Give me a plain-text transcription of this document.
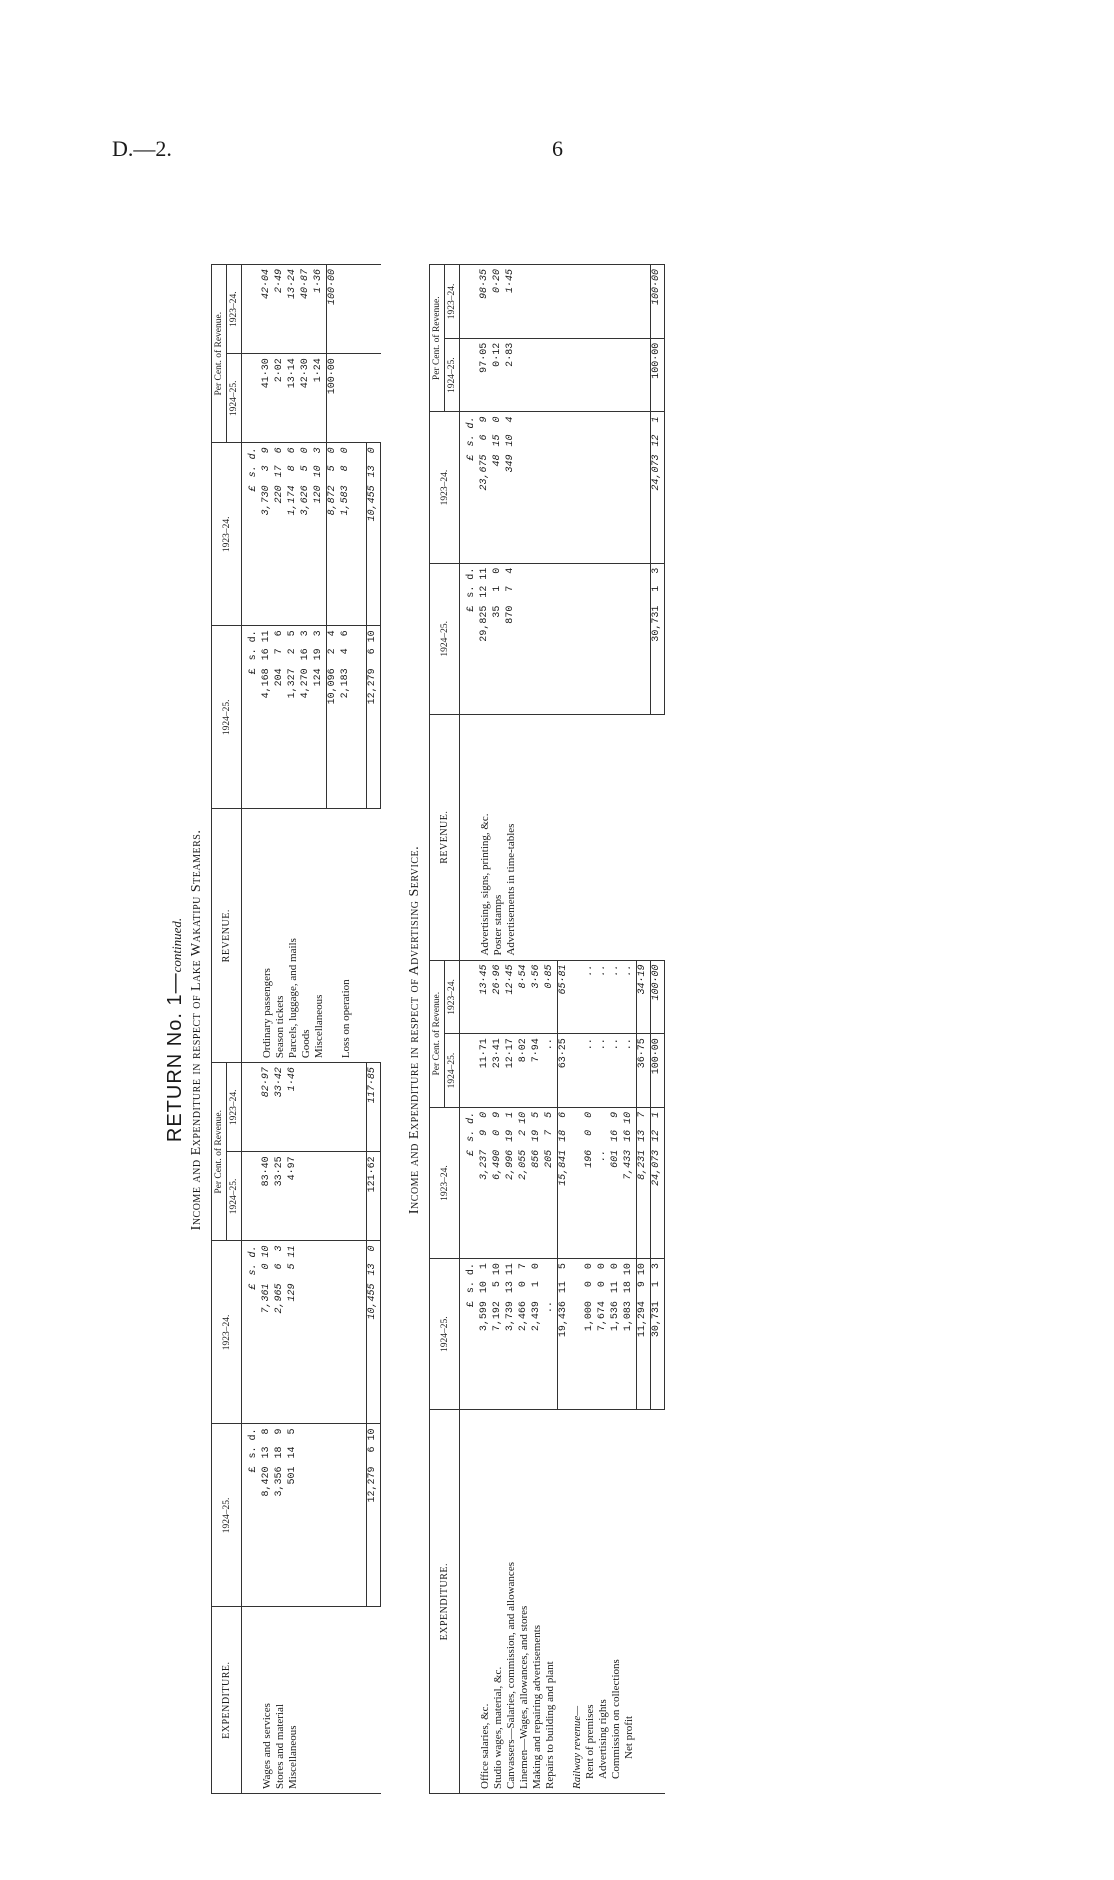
D.—2.	6
RETURN No. 1—continued. Income and Expenditure in respect of Lake Wakatipu Steamers.
EXPENDITURE.	1924–25.	1923–24.	Per Cent. of Revenue.		REVENUE.	1924–25.	1923–24.	Per Cent. of Revenue.	
			1924–25.	1923–24.				1924–25.	1923–24.
	£s.d.	£s.d.				£s.d.	£s.d.		
Wages and services	8,420138	7,361010	83·40	82·97	Ordinary passengers	4,1681611	3,73039	41·30	42·04
Stores and material	3,356189	2,96563	33·25	33·42	Season tickets	20476	220176	2·02	2·49
Miscellaneous	501145	129511	4·97	1·46	Parcels, luggage, and mails	1,32725	1,17486	13·14	13·24
					Goods	4,270163	3,62650	42·30	40·87
					Miscellaneous	124193	120103	1·24	1·36
						10,09624	8,87250	100·00	100·00
					Loss on operation	2,18346	1,58380		

	12,279610	10,455130	121·62	117·85		12,279610	10,455130		
Income and Expenditure in respect of Advertising Service.
EXPENDITURE.	1924–25.	1923–24.	Per Cent. of Revenue.		REVENUE.	1924–25.	1923–24.	Per Cent. of Revenue.	
			1924–25.	1923–24.				1924–25.	1923–24.
	£s.d.	£s.d.				£s.d.	£s.d.		
Office salaries, &c.	3,599101	3,23790	11·71	13·45	Advertising, signs, printing, &c.	29,8251211	23,67569	97·05	98·35
Studio wages, material, &c.	7,192510	6,49009	23·41	26·96	Poster stamps	3510	48150	0·12	0·20
Canvassers—Salaries, commission, and allowances	3,7391311	2,996191	12·17	12·45	Advertisements in time-tables	87074	349104	2·83	1·45
Linemen—Wages, allowances, and stores	2,46607	2,055210	8·02	8·54					
Making and repairing advertisements	2,43910	856195	7·94	3·56					
Repairs to building and plant	..	20575	..	0·85					
	19,436115	15,841186	63·25	65·81					
Railway revenue—									
Rent of premises	1,00000	19600	..	..					
Advertising rights	7,67400	..	..	..					
Commission on collections	1,536110	601169	..	..					
Net profit	1,0831810	7,4331610	..	..					
	11,294910	8,231137	36·75	34·19					
	30,73113	24,073121	100·00	100·00		30,73113	24,073121	100·00	100·00
